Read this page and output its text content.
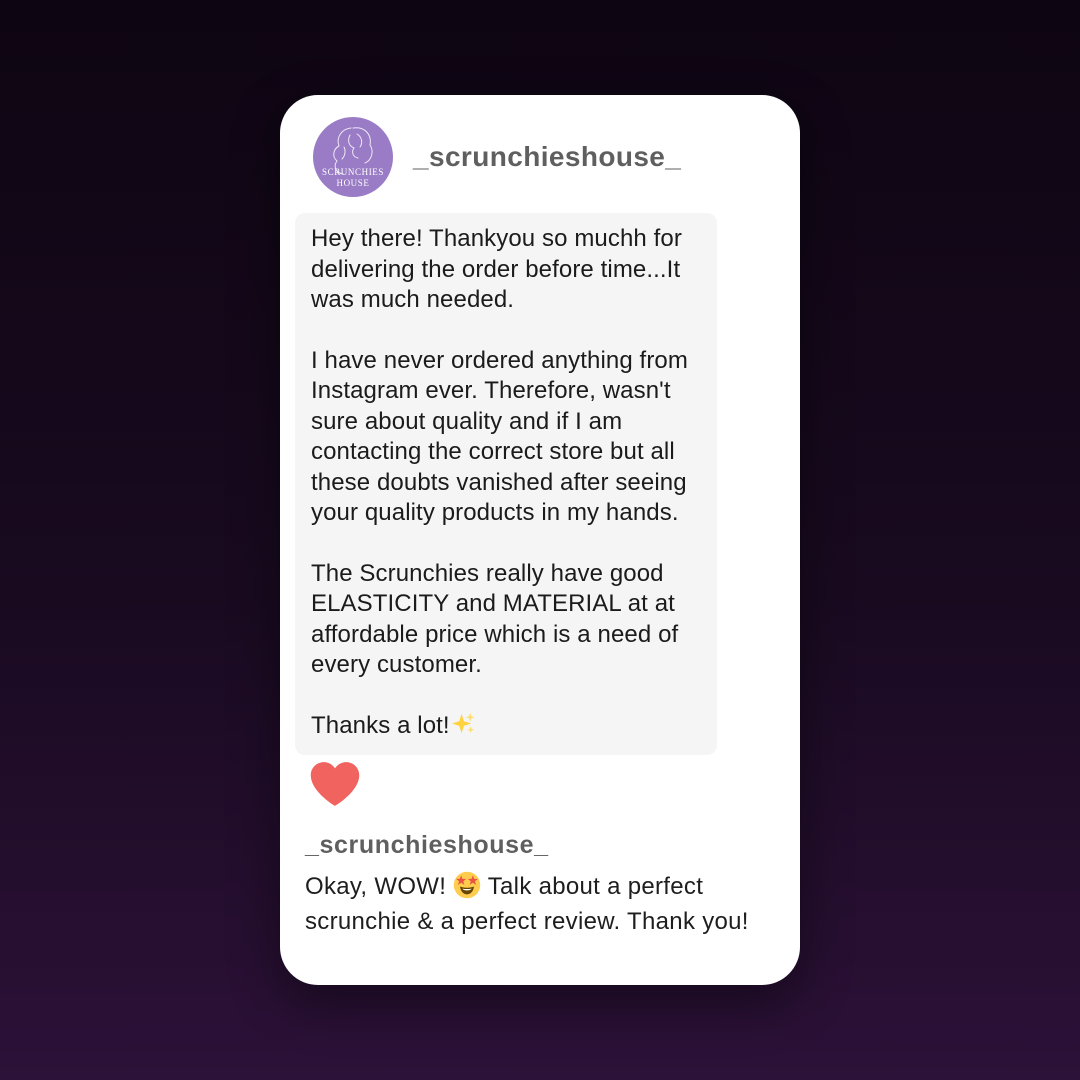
SCRUNCHIES
HOUSE
_scrunchieshouse_

Hey there! Thankyou so muchh for delivering the order before time...It was much needed.

I have never ordered anything from Instagram ever. Therefore, wasn't sure about quality and if I am contacting the correct store but all these doubts vanished after seeing your quality products in my hands.

The Scrunchies really have good ELASTICITY and MATERIAL at at affordable price which is a need of every customer.

Thanks a lot!

_scrunchieshouse_

Okay, WOW! Talk about a perfect scrunchie & a perfect review. Thank you!
